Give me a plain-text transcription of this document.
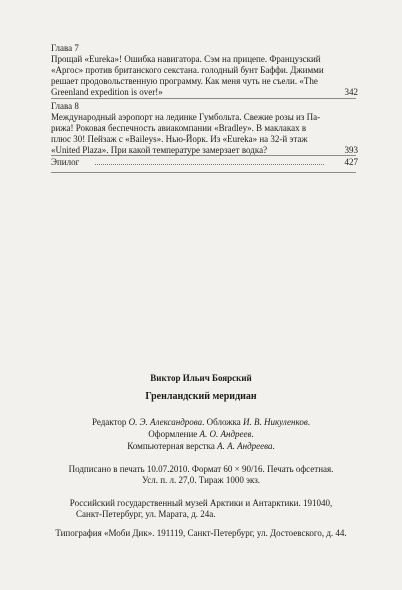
Глава 7
Прощай «Eureka»! Ошибка навигатора. Сэм на прицепе. Французский
«Аргос» против британского секстана. голодный бунт Баффи. Джимми
решает продовольственную программу. Как меня чуть не съели. «The
Greenland expedition is over!»	342
Глава 8
Международный аэропорт на лединке Гумбольта. Свежие розы из Па-
рижа! Роковая беспечность авиакомпании «Bradley». В маклаках в
плюс 30! Пейзаж с «Baileys». Нью-Йорк. Из «Eureka» на 32-й этаж
«United Plaza». При какой температуре замерзает водка?	393
Эпилог	427
Виктор Ильич Боярский
Гренландский меридиан
Редактор О. Э. Александрова. Обложка И. В. Никуленков.
Оформление А. О. Андреев.
Компьютерная верстка А. А. Андреева.
Подписано в печать 10.07.2010. Формат 60 × 90/16. Печать офсетная.
Усл. п. л. 27,0. Тираж 1000 экз.
Российский государственный музей Арктики и Антарктики. 191040,
Санкт-Петербург, ул. Марата, д. 24а.
Типография «Моби Дик». 191119, Санкт-Петербург, ул. Достоевского, д. 44.
